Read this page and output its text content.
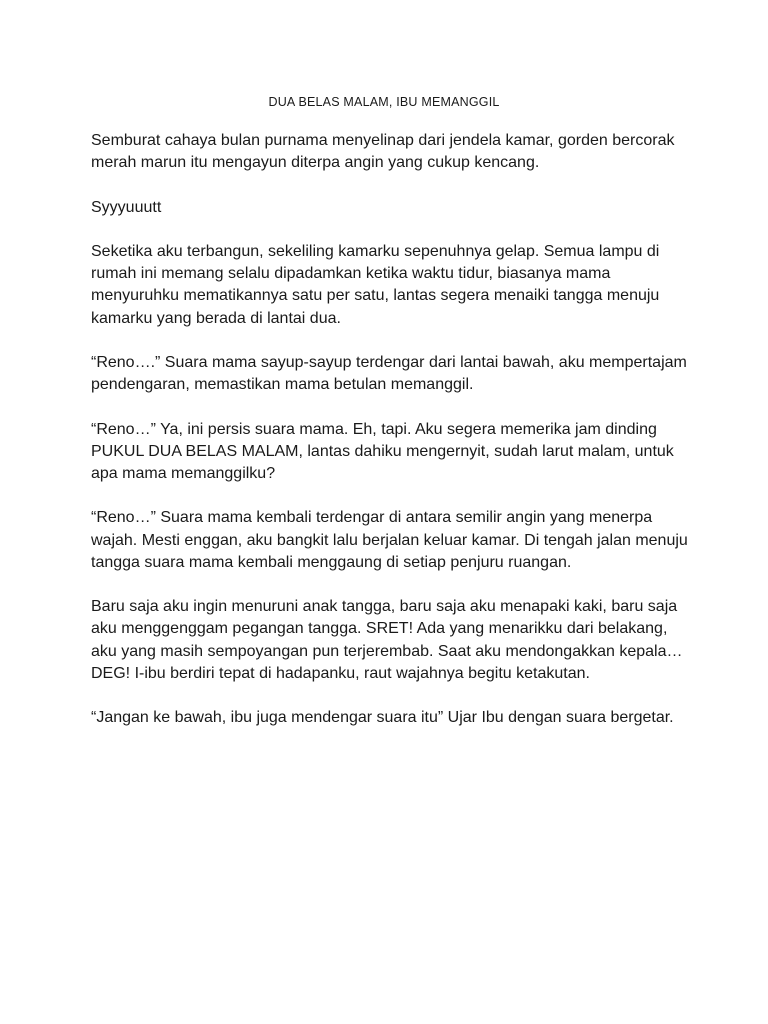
DUA BELAS MALAM, IBU MEMANGGIL

Semburat cahaya bulan purnama menyelinap dari jendela kamar, gorden bercorak merah marun itu mengayun diterpa angin yang cukup kencang.

Syyyuuutt

Seketika aku terbangun, sekeliling kamarku sepenuhnya gelap. Semua lampu di rumah ini memang selalu dipadamkan ketika waktu tidur, biasanya mama menyuruhku mematikannya satu per satu, lantas segera menaiki tangga menuju kamarku yang berada di lantai dua.

“Reno….” Suara mama sayup-sayup terdengar dari lantai bawah, aku mempertajam pendengaran, memastikan mama betulan memanggil.

“Reno…” Ya, ini persis suara mama. Eh, tapi. Aku segera memerika jam dinding PUKUL DUA BELAS MALAM, lantas dahiku mengernyit, sudah larut malam, untuk apa mama memanggilku?

“Reno…” Suara mama kembali terdengar di antara semilir angin yang menerpa wajah. Mesti enggan, aku bangkit lalu berjalan keluar kamar. Di tengah jalan menuju tangga suara mama kembali menggaung di setiap penjuru ruangan.

Baru saja aku ingin menuruni anak tangga, baru saja aku menapaki kaki, baru saja aku menggenggam pegangan tangga. SRET! Ada yang menarikku dari belakang, aku yang masih sempoyangan pun terjerembab. Saat aku mendongakkan kepala… DEG! I-ibu berdiri tepat di hadapanku, raut wajahnya begitu ketakutan.

“Jangan ke bawah, ibu juga mendengar suara itu” Ujar Ibu dengan suara bergetar.
